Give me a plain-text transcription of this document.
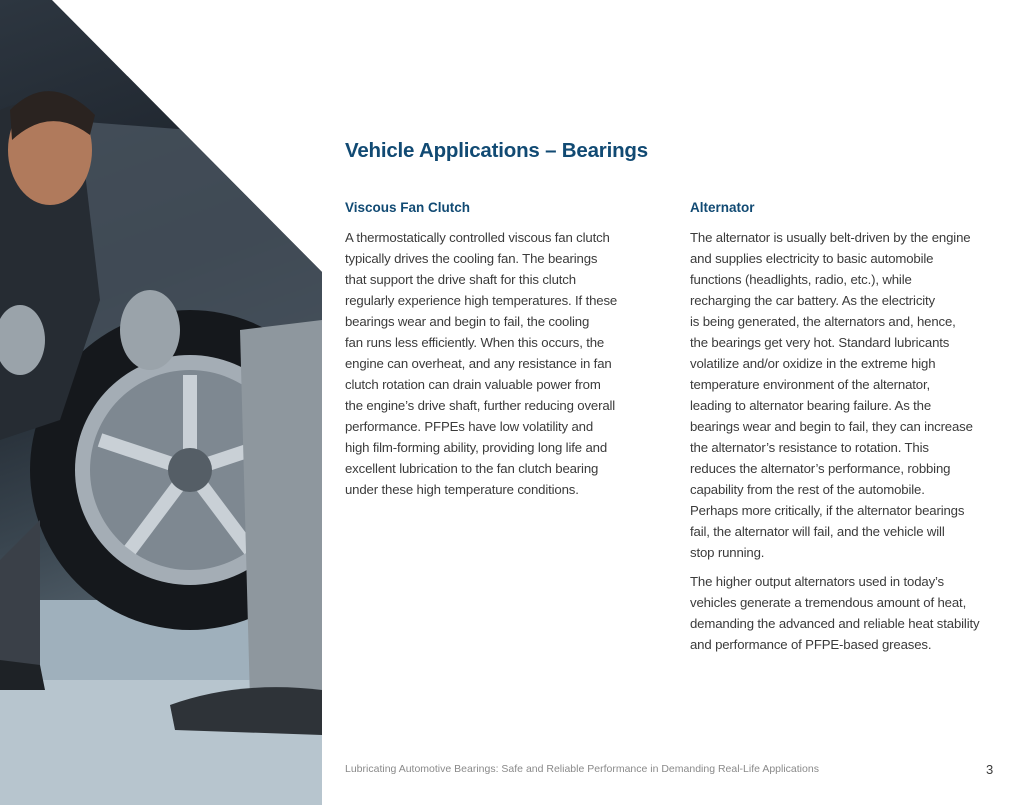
Vehicle Applications – Bearings
Viscous Fan Clutch

A thermostatically controlled viscous fan clutch
typically drives the cooling fan. The bearings
that support the drive shaft for this clutch
regularly experience high temperatures. If these
bearings wear and begin to fail, the cooling
fan runs less efficiently. When this occurs, the
engine can overheat, and any resistance in fan
clutch rotation can drain valuable power from
the engine’s drive shaft, further reducing overall
performance. PFPEs have low volatility and
high film-forming ability, providing long life and
excellent lubrication to the fan clutch bearing
under these high temperature conditions.

Alternator

The alternator is usually belt-driven by the engine
and supplies electricity to basic automobile
functions (headlights, radio, etc.), while
recharging the car battery. As the electricity
is being generated, the alternators and, hence,
the bearings get very hot. Standard lubricants
volatilize and/or oxidize in the extreme high
temperature environment of the alternator,
leading to alternator bearing failure. As the
bearings wear and begin to fail, they can increase
the alternator’s resistance to rotation. This
reduces the alternator’s performance, robbing
capability from the rest of the automobile.
Perhaps more critically, if the alternator bearings
fail, the alternator will fail, and the vehicle will
stop running.

The higher output alternators used in today’s
vehicles generate a tremendous amount of heat,
demanding the advanced and reliable heat stability
and performance of PFPE-based greases.

Lubricating Automotive Bearings: Safe and Reliable Performance in Demanding Real-Life Applications	3
